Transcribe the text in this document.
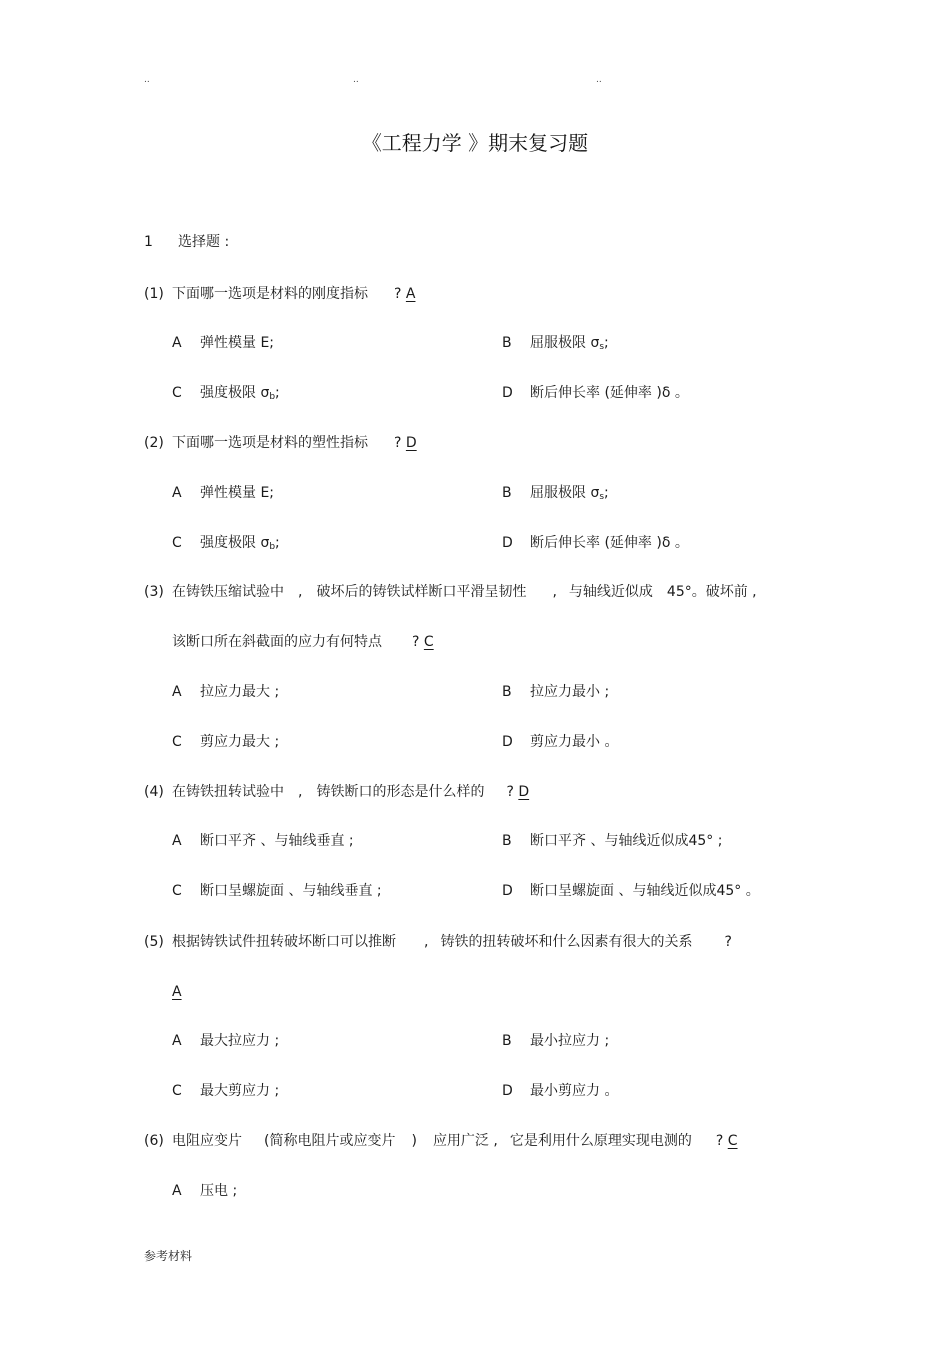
..	..	..
《工程力学 》期末复习题
1 选择题 :
(1) 下面哪一选项是材料的刚度指标 ? A
A 弹性模量 E;	B 屈服极限 $\sigma_s$;
C 强度极限 $\sigma_b$;	D 断后伸长率 (延伸率 )δ 。
(2) 下面哪一选项是材料的塑性指标 ? D
A 弹性模量 E;	B 屈服极限 $\sigma_s$;
C 强度极限 $\sigma_b$;	D 断后伸长率 (延伸率 )δ 。
(3) 在铸铁压缩试验中 , 破坏后的铸铁试样断口平滑呈韧性 , 与轴线近似成 45°。破坏前 ,
该断口所在斜截面的应力有何特点 ? C
A 拉应力最大 ;	B 拉应力最小 ;
C 剪应力最大 ;	D 剪应力最小 。
(4) 在铸铁扭转试验中 , 铸铁断口的形态是什么样的 ? D
A 断口平齐 、与轴线垂直 ;	B 断口平齐 、与轴线近似成45° ;
C 断口呈螺旋面 、与轴线垂直 ;	D 断口呈螺旋面 、与轴线近似成45° 。
(5) 根据铸铁试件扭转破坏断口可以推断 , 铸铁的扭转破坏和什么因素有很大的关系 ?
A
A 最大拉应力 ;	B 最小拉应力 ;
C 最大剪应力 ;	D 最小剪应力 。
(6) 电阻应变片 (简称电阻片或应变片 ) 应用广泛 , 它是利用什么原理实现电测的 ? C
A 压电 ;
参考材料
